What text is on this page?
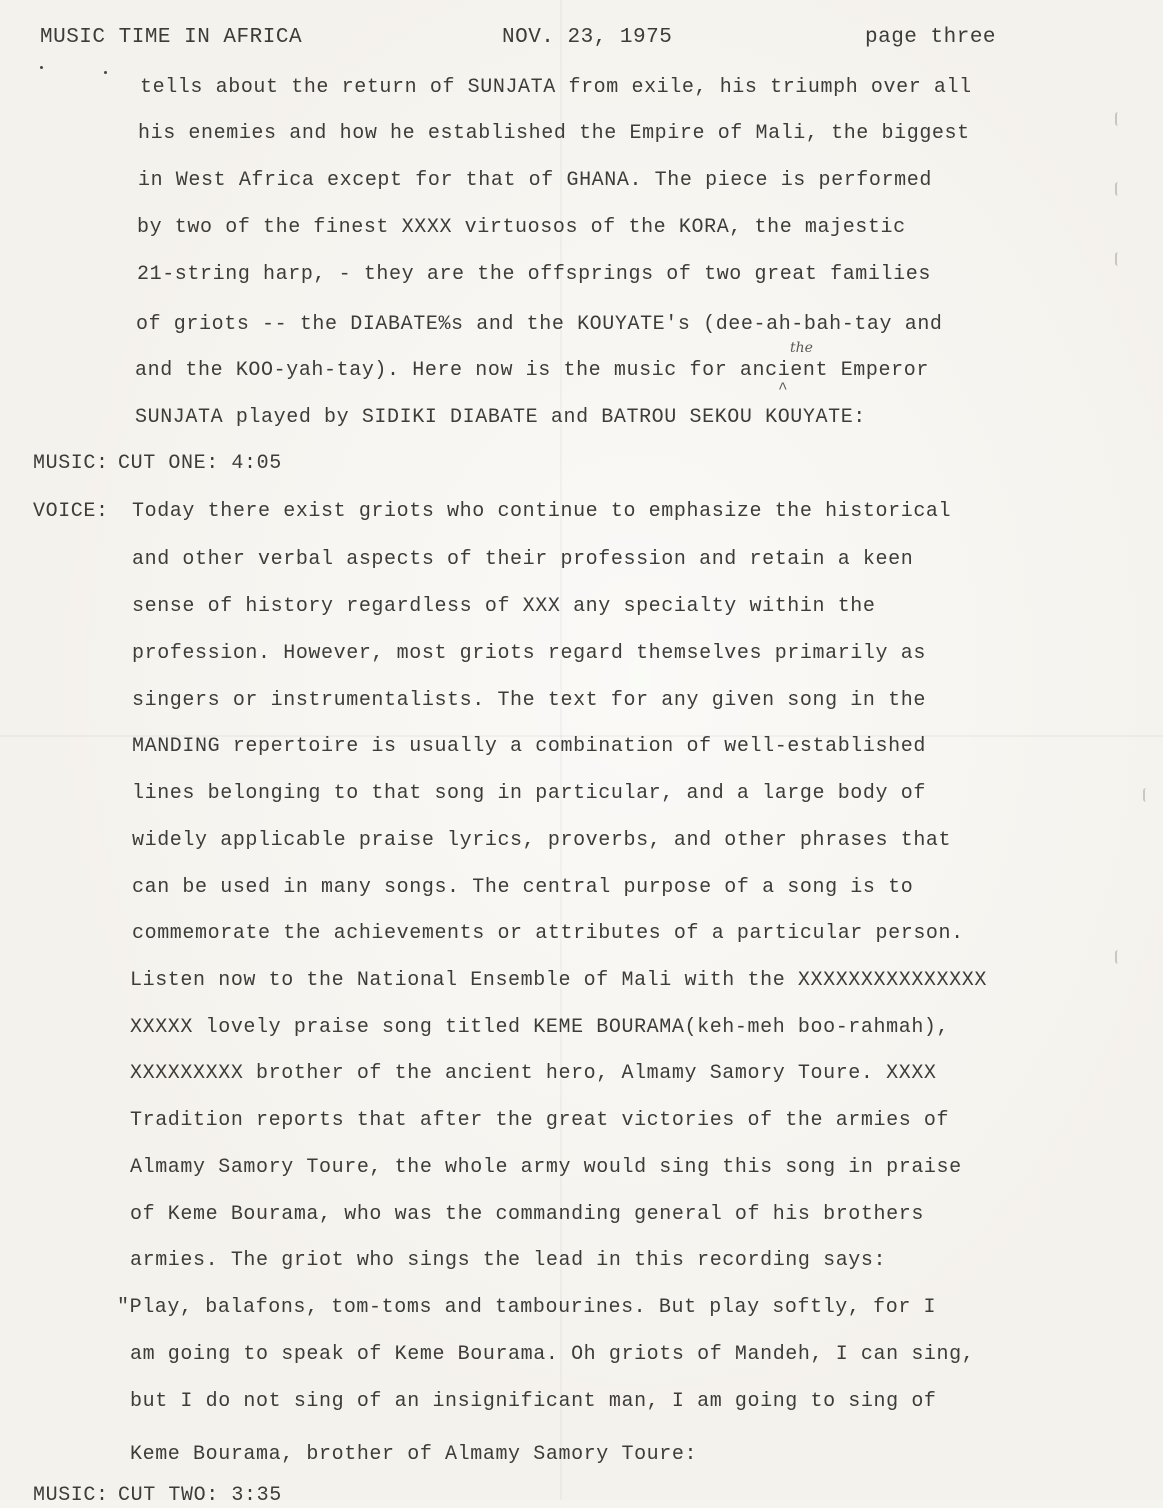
MUSIC TIME IN AFRICA	NOV. 23, 1975	page three
tells about the return of SUNJATA from exile, his triumph over all
his enemies and how he established the Empire of Mali, the biggest
in West Africa except for that of GHANA. The piece is performed
by two of the finest XXXX virtuosos of the KORA, the majestic
21-string harp, - they are the offsprings of two great families
of griots -- the DIABATE%s and the KOUYATE's (dee-ah-bah-tay and
and the KOO-yah-tay). Here now is the music for ancient Emperor
SUNJATA played by SIDIKI DIABATE and BATROU SEKOU KOUYATE:
the
^
MUSIC: CUT ONE: 4:05
VOICE: Today there exist griots who continue to emphasize the historical
and other verbal aspects of their profession and retain a keen
sense of history regardless of XXX any specialty within the
profession. However, most griots regard themselves primarily as
singers or instrumentalists. The text for any given song in the
MANDING repertoire is usually a combination of well-established
lines belonging to that song in particular, and a large body of
widely applicable praise lyrics, proverbs, and other phrases that
can be used in many songs. The central purpose of a song is to
commemorate the achievements or attributes of a particular person.
Listen now to the National Ensemble of Mali with the XXXXXXXXXXXXXXX
XXXXX lovely praise song titled KEME BOURAMA(keh-meh boo-rahmah),
XXXXXXXXX brother of the ancient hero, Almamy Samory Toure. XXXX
Tradition reports that after the great victories of the armies of
Almamy Samory Toure, the whole army would sing this song in praise
of Keme Bourama, who was the commanding general of his brothers
armies. The griot who sings the lead in this recording says:
"Play, balafons, tom-toms and tambourines. But play softly, for I
am going to speak of Keme Bourama. Oh griots of Mandeh, I can sing,
but I do not sing of an insignificant man, I am going to sing of
Keme Bourama, brother of Almamy Samory Toure:
MUSIC: CUT TWO: 3:35
